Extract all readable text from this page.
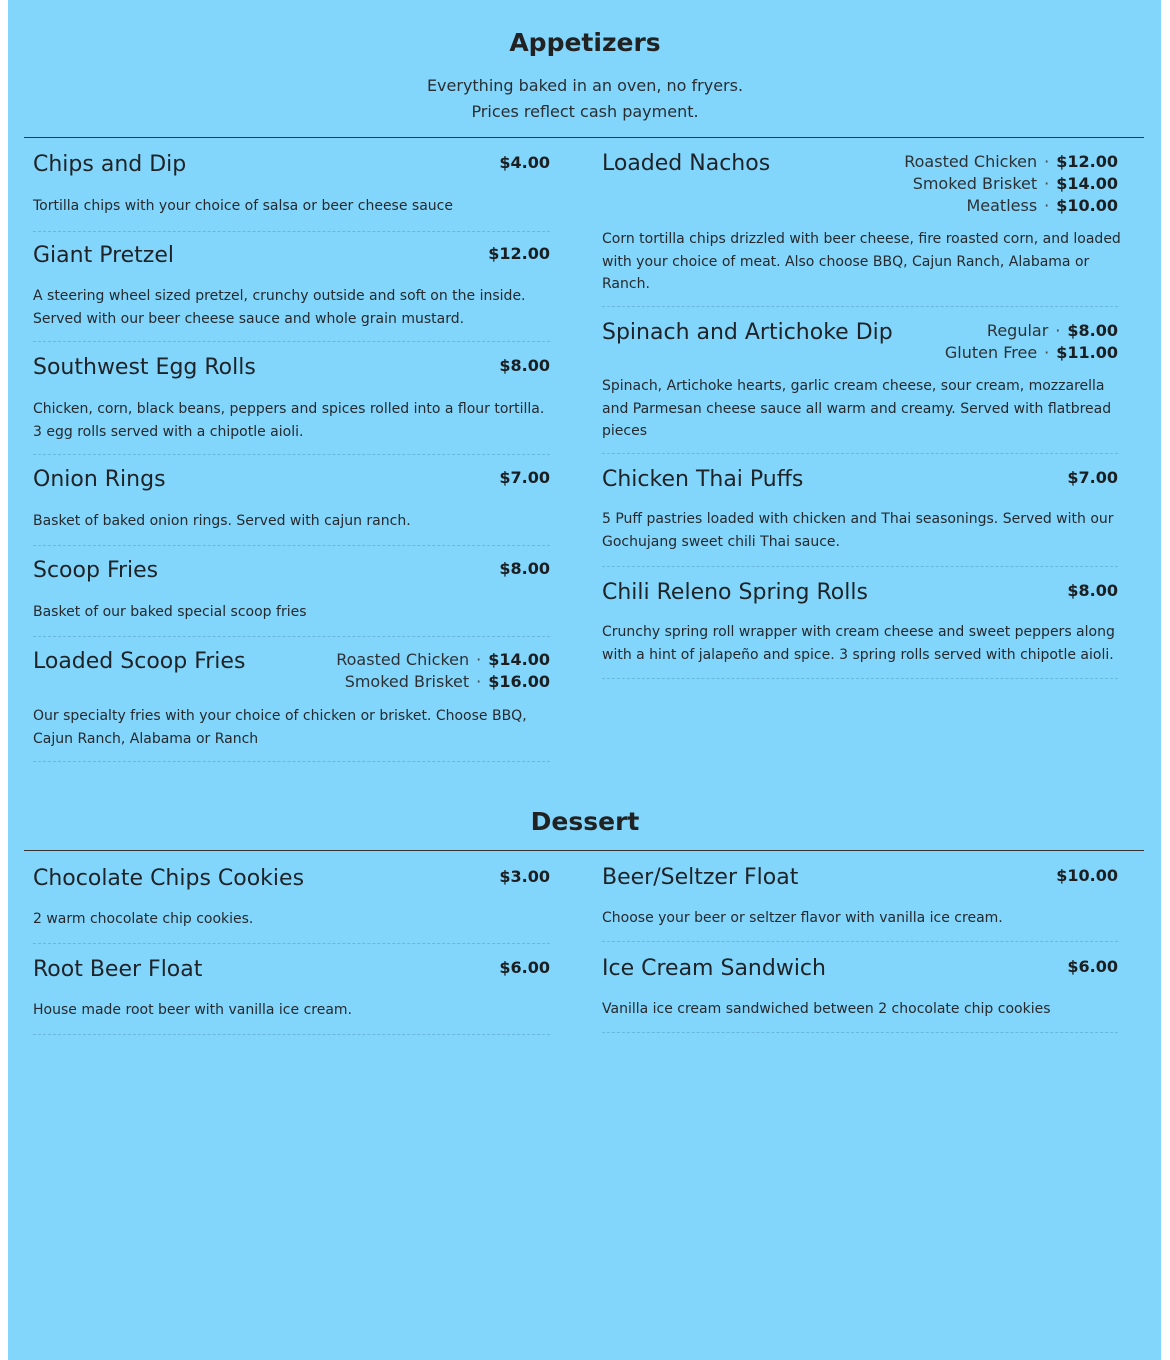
Appetizers
Everything baked in an oven, no fryers.
Prices reflect cash payment.
Chips and Dip	$4.00
Tortilla chips with your choice of salsa or beer cheese sauce
Giant Pretzel	$12.00
A steering wheel sized pretzel, crunchy outside and soft on the inside. Served with our beer cheese sauce and whole grain mustard.
Southwest Egg Rolls	$8.00
Chicken, corn, black beans, peppers and spices rolled into a flour tortilla. 3 egg rolls served with a chipotle aioli.
Onion Rings	$7.00
Basket of baked onion rings. Served with cajun ranch.
Scoop Fries	$8.00
Basket of our baked special scoop fries
Loaded Scoop Fries	Roasted Chicken · $14.00
Smoked Brisket · $16.00
Our specialty fries with your choice of chicken or brisket. Choose BBQ, Cajun Ranch, Alabama or Ranch
Loaded Nachos	Roasted Chicken · $12.00
Smoked Brisket · $14.00
Meatless · $10.00
Corn tortilla chips drizzled with beer cheese, fire roasted corn, and loaded with your choice of meat. Also choose BBQ, Cajun Ranch, Alabama or Ranch.
Spinach and Artichoke Dip	Regular · $8.00
Gluten Free · $11.00
Spinach, Artichoke hearts, garlic cream cheese, sour cream, mozzarella and Parmesan cheese sauce all warm and creamy. Served with flatbread pieces
Chicken Thai Puffs	$7.00
5 Puff pastries loaded with chicken and Thai seasonings. Served with our Gochujang sweet chili Thai sauce.
Chili Releno Spring Rolls	$8.00
Crunchy spring roll wrapper with cream cheese and sweet peppers along with a hint of jalapeño and spice. 3 spring rolls served with chipotle aioli.
Dessert
Chocolate Chips Cookies	$3.00
2 warm chocolate chip cookies.
Root Beer Float	$6.00
House made root beer with vanilla ice cream.
Beer/Seltzer Float	$10.00
Choose your beer or seltzer flavor with vanilla ice cream.
Ice Cream Sandwich	$6.00
Vanilla ice cream sandwiched between 2 chocolate chip cookies
